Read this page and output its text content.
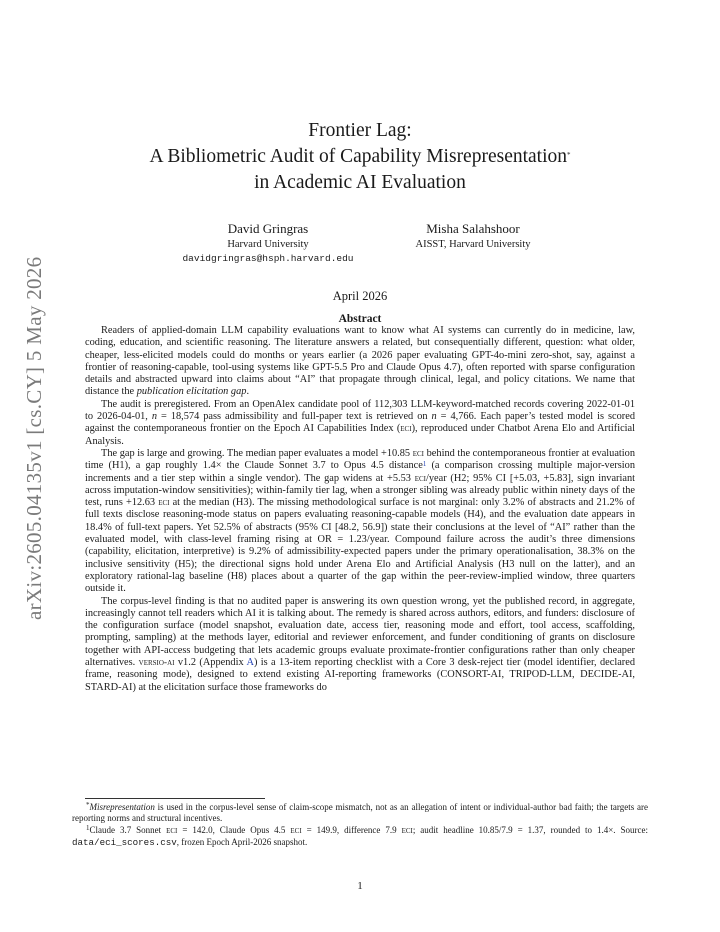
arXiv:2605.04135v1 [cs.CY] 5 May 2026
Frontier Lag:
A Bibliometric Audit of Capability Misrepresentation*
in Academic AI Evaluation
David Gringras
Harvard University
davidgringras@hsph.harvard.edu
Misha Salahshoor
AISST, Harvard University
April 2026
Abstract

Readers of applied-domain LLM capability evaluations want to know what AI systems can currently do in medicine, law, coding, education, and scientific reasoning. The literature answers a related, but consequentially different, question: what older, cheaper, less-elicited models could do months or years earlier (a 2026 paper evaluating GPT-4o-mini zero-shot, say, against a frontier of reasoning-capable, tool-using systems like GPT-5.5 Pro and Claude Opus 4.7), often reported with sparse configuration details and abstracted upward into claims about “AI” that propagate through clinical, legal, and policy citations. We name that distance the publication elicitation gap.

The audit is preregistered. From an OpenAlex candidate pool of 112,303 LLM-keyword-matched records covering 2022-01-01 to 2026-04-01, n = 18,574 pass admissibility and full-paper text is retrieved on n = 4,766. Each paper’s tested model is scored against the contemporaneous frontier on the Epoch AI Capabilities Index (eci), reproduced under Chatbot Arena Elo and Artificial Analysis.

The gap is large and growing. The median paper evaluates a model +10.85 eci behind the contemporaneous frontier at evaluation time (H1), a gap roughly 1.4× the Claude Sonnet 3.7 to Opus 4.5 distance$^1$ (a comparison crossing multiple major-version increments and a tier step within a single vendor). The gap widens at +5.53 eci/year (H2; 95% CI [+5.03, +5.83], sign invariant across imputation-window sensitivities); within-family tier lag, when a stronger sibling was already public within ninety days of the test, runs +12.63 eci at the median (H3). The missing methodological surface is not marginal: only 3.2% of abstracts and 21.2% of full texts disclose reasoning-mode status on papers evaluating reasoning-capable models (H4), and the evaluation date appears in 18.4% of full-text papers. Yet 52.5% of abstracts (95% CI [48.2, 56.9]) state their conclusions at the level of “AI” rather than the evaluated model, with class-level framing rising at OR = 1.23/year. Compound failure across the audit’s three dimensions (capability, elicitation, interpretive) is 9.2% of admissibility-expected papers under the primary operationalisation, 38.3% on the inclusive sensitivity (H5); the directional signs hold under Arena Elo and Artificial Analysis (H3 null on the latter), and an exploratory rational-lag baseline (H8) places about a quarter of the gap within the peer-review-implied window, three quarters outside it.

The corpus-level finding is that no audited paper is answering its own question wrong, yet the published record, in aggregate, increasingly cannot tell readers which AI it is talking about. The remedy is shared across authors, editors, and funders: disclosure of the configuration surface (model snapshot, evaluation date, access tier, reasoning mode and effort, tool access, scaffolding, prompting, sampling) at the methods layer, editorial and reviewer enforcement, and funder conditioning of grants on disclosure together with API-access budgeting that lets academic groups evaluate proximate-frontier configurations rather than only cheaper alternatives. versio-ai v1.2 (Appendix A) is a 13-item reporting checklist with a Core 3 desk-reject tier (model identifier, declared frame, reasoning mode), designed to extend existing AI-reporting frameworks (CONSORT-AI, TRIPOD-LLM, DECIDE-AI, STARD-AI) at the elicitation surface those frameworks do

*Misrepresentation is used in the corpus-level sense of claim-scope mismatch, not as an allegation of intent or individual-author bad faith; the targets are reporting norms and structural incentives.

$^1$Claude 3.7 Sonnet eci = 142.0, Claude Opus 4.5 eci = 149.9, difference 7.9 eci; audit headline 10.85/7.9 = 1.37, rounded to 1.4×. Source: data/eci_scores.csv, frozen Epoch April-2026 snapshot.

1
